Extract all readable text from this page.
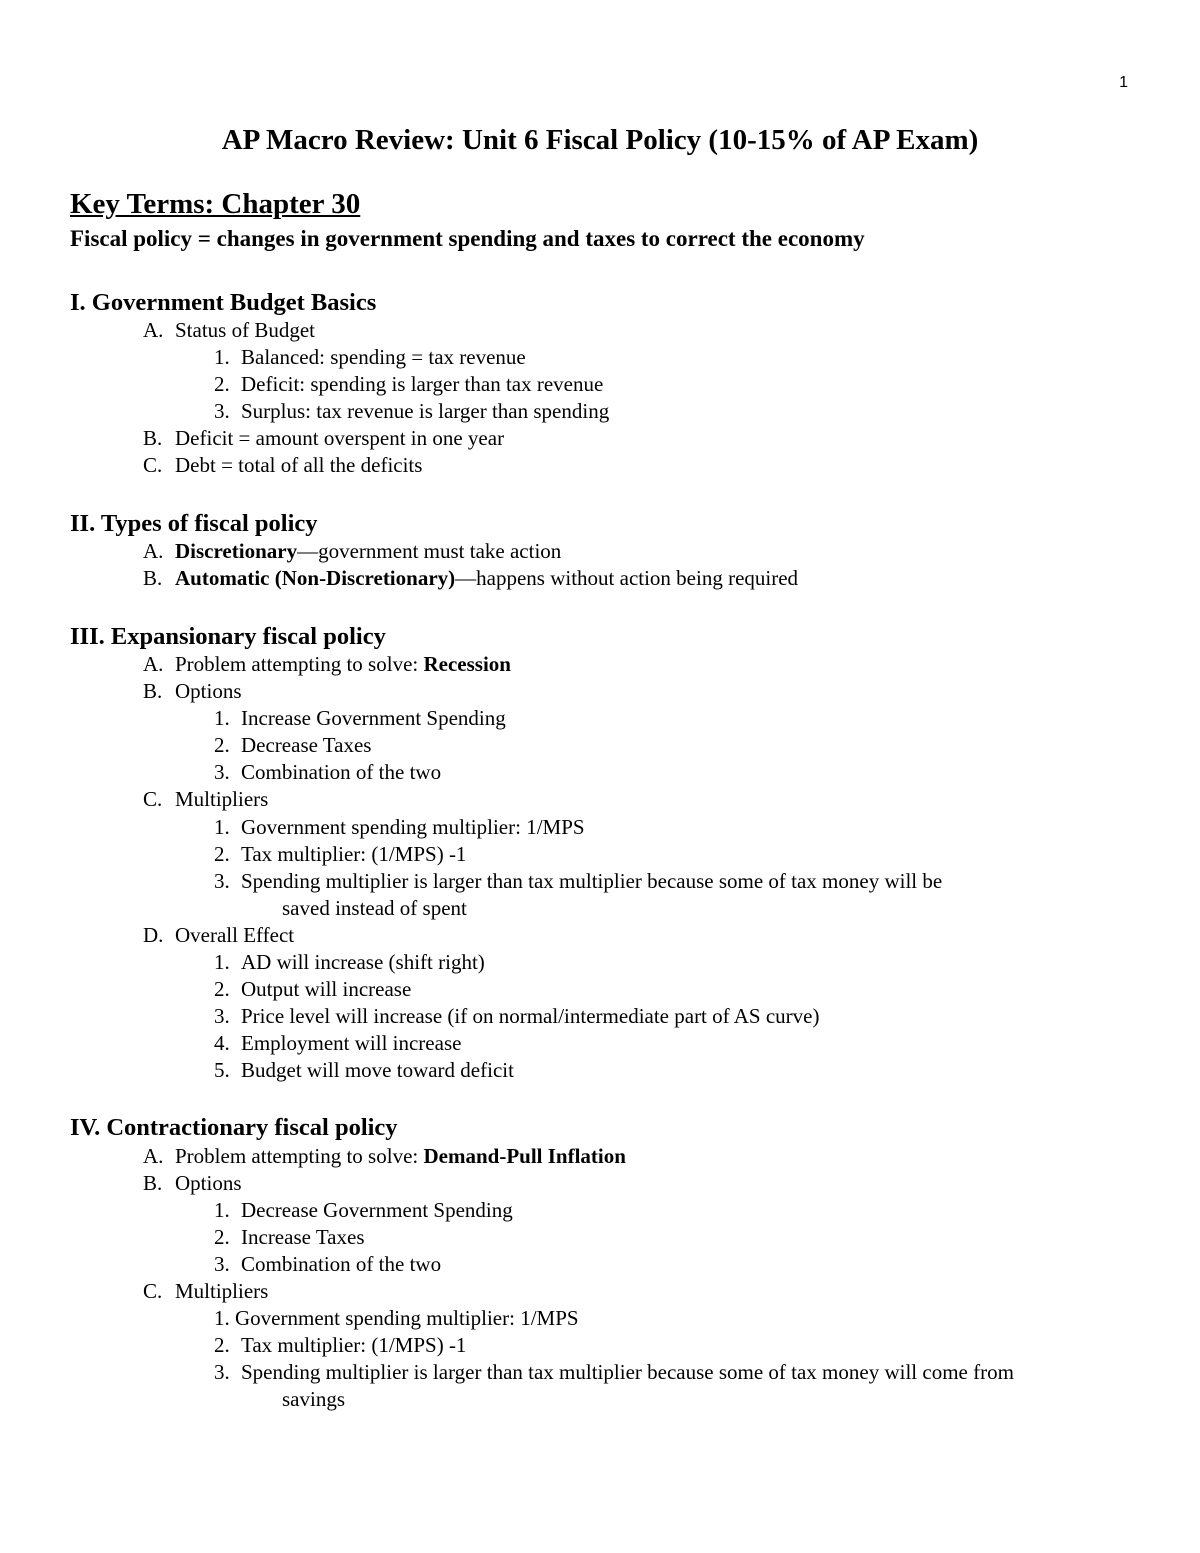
1
AP Macro Review: Unit 6 Fiscal Policy (10-15% of AP Exam)
Key Terms: Chapter 30
Fiscal policy = changes in government spending and taxes to correct the economy
I. Government Budget Basics
A. Status of Budget
1. Balanced: spending = tax revenue
2. Deficit: spending is larger than tax revenue
3. Surplus: tax revenue is larger than spending
B. Deficit = amount overspent in one year
C. Debt = total of all the deficits
II. Types of fiscal policy
A. Discretionary—government must take action
B. Automatic (Non-Discretionary)—happens without action being required
III. Expansionary fiscal policy
A. Problem attempting to solve: Recession
B. Options
1. Increase Government Spending
2. Decrease Taxes
3. Combination of the two
C. Multipliers
1. Government spending multiplier: 1/MPS
2. Tax multiplier: (1/MPS) -1
3. Spending multiplier is larger than tax multiplier because some of tax money will be
saved instead of spent
D. Overall Effect
1. AD will increase (shift right)
2. Output will increase
3. Price level will increase (if on normal/intermediate part of AS curve)
4. Employment will increase
5. Budget will move toward deficit
IV. Contractionary fiscal policy
A. Problem attempting to solve: Demand-Pull Inflation
B. Options
1. Decrease Government Spending
2. Increase Taxes
3. Combination of the two
C. Multipliers
1. Government spending multiplier: 1/MPS
2. Tax multiplier: (1/MPS) -1
3. Spending multiplier is larger than tax multiplier because some of tax money will come from
savings
